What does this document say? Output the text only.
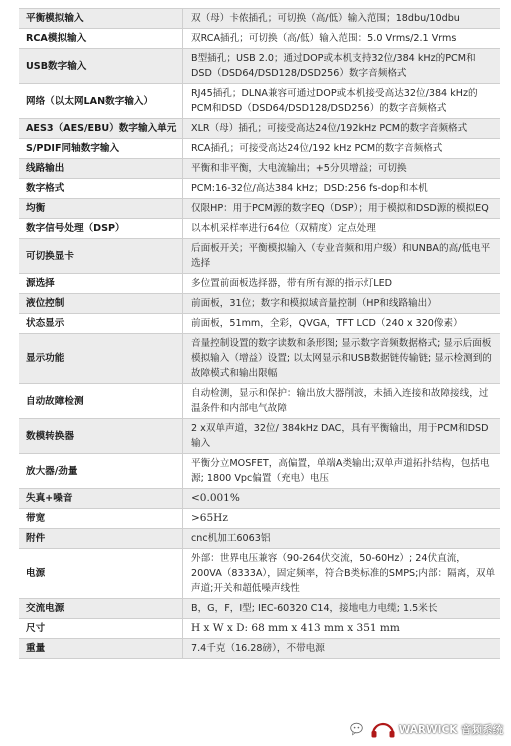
平衡模拟输入	双（母）卡侬插孔；可切换（高/低）输入范围；18dbu/10dbu
RCA模拟输入	双RCA插孔；可切换（高/低）输入范围：5.0 Vrms/2.1 Vrms
USB数字输入	B型插孔；USB 2.0；通过DOP或本机支持32位/384 kHz的PCM和DSD（DSD64/DSD128/DSD256）数字音频格式
网络（以太网LAN数字输入）	RJ45插孔；DLNA兼容可通过DOP或本机接受高达32位/384 kHz的PCM和DSD（DSD64/DSD128/DSD256）的数字音频格式
AES3（AES/EBU）数字输入单元	XLR（母）插孔；可接受高达24位/192kHz PCM的数字音频格式
S/PDIF同轴数字输入	RCA插孔；可接受高达24位/192 kHz PCM的数字音频格式
线路输出	平衡和非平衡，大电流输出；+5分贝增益；可切换
数字格式	PCM:16-32位/高达384 kHz；DSD:256 fs-dop和本机
均衡	仅限HP：用于PCM源的数字EQ（DSP）；用于模拟和DSD源的模拟EQ
数字信号处理（DSP）	以本机采样率进行64位（双精度）定点处理
可切换显卡	后面板开关；平衡模拟输入（专业音频和用户级）和UNBA的高/低电平选择
源选择	多位置前面板选择器，带有所有源的指示灯LED
液位控制	前面板，31位；数字和模拟域音量控制（HP和线路输出）
状态显示	前面板，51mm，全彩，QVGA，TFT LCD（240 x 320像素）
显示功能	音量控制设置的数字读数和条形图; 显示数字音频数据格式; 显示后面板模拟输入（增益）设置; 以太网显示和USB数据链传输链; 显示检测到的故障模式和输出限幅
自动故障检测	自动检测，显示和保护：输出放大器削波，未插入连接和故障接线，过温条件和内部电气故障
数模转换器	2 x双单声道，32位/ 384kHz DAC，具有平衡输出，用于PCM和DSD输入
放大器/劲量	平衡分立MOSFET，高偏置，单端A类输出;双单声道拓扑结构，包括电源; 1800 Vpc偏置（充电）电压
失真+噪音	<0.001%
带宽	>65Hz
附件	cnc机加工6063铝
电源	外部：世界电压兼容（90-264伏交流，50-60Hz）; 24伏直流，200VA（8333A），固定频率，符合B类标准的SMPS;内部：隔离，双单声道;开关和超低噪声线性
交流电源	B，G，F，I型; IEC-60320 C14，接地电力电缆; 1.5米长
尺寸	H x W x D: 68 mm x 413 mm x 351 mm
重量	7.4千克（16.28磅），不带电源
WARWICK 音频系统
